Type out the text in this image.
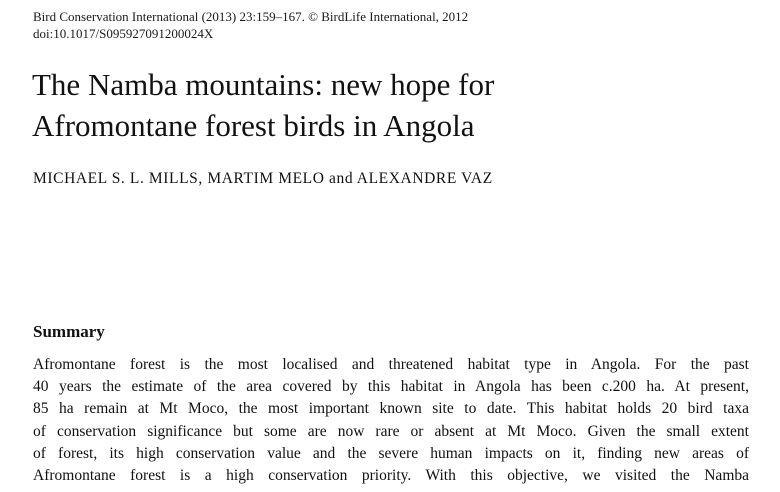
Bird Conservation International (2013) 23:159–167. © BirdLife International, 2012
doi:10.1017/S095927091200024X
The Namba mountains: new hope for
Afromontane forest birds in Angola
MICHAEL S. L. MILLS, MARTIM MELO and ALEXANDRE VAZ
Summary

Afromontane forest is the most localised and threatened habitat type in Angola. For the past
40 years the estimate of the area covered by this habitat in Angola has been c.200 ha. At present,
85 ha remain at Mt Moco, the most important known site to date. This habitat holds 20 bird taxa
of conservation significance but some are now rare or absent at Mt Moco. Given the small extent
of forest, its high conservation value and the severe human impacts on it, finding new areas of
Afromontane forest is a high conservation priority. With this objective, we visited the Namba
